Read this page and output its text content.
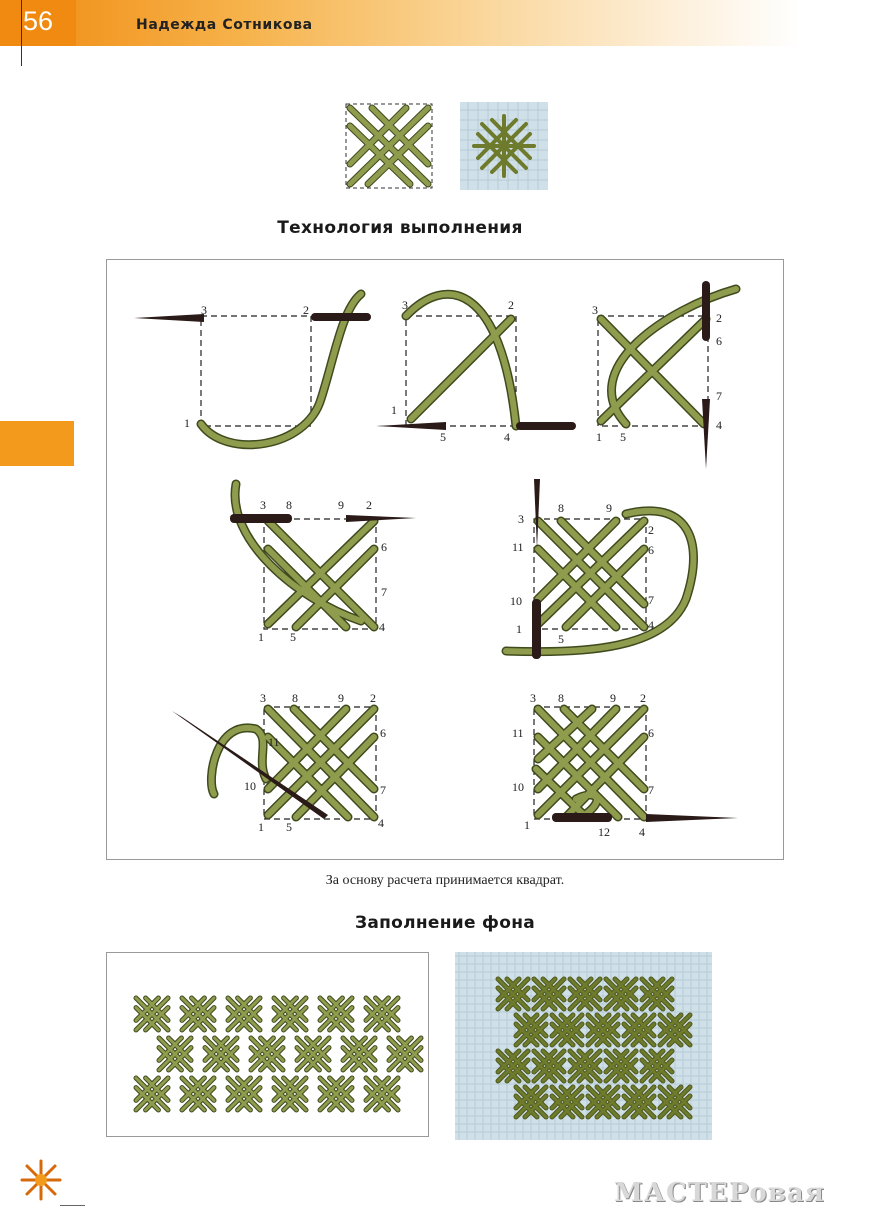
56	Надежда Сотникова
Технология выполнения
3	2
1
3	2
1
5	4
3
2
6
7
1 5
4
3 8	9 2
6
7
1 5
4
3
8	9
2
11	6
10	7
1
5
4
3 8	9 2
11
6
10	7
1 5	4
3 8	9 2
11	6
10	7
1	12 4
За основу расчета принимается квадрат.
Заполнение фона
МАСТЕРовая
